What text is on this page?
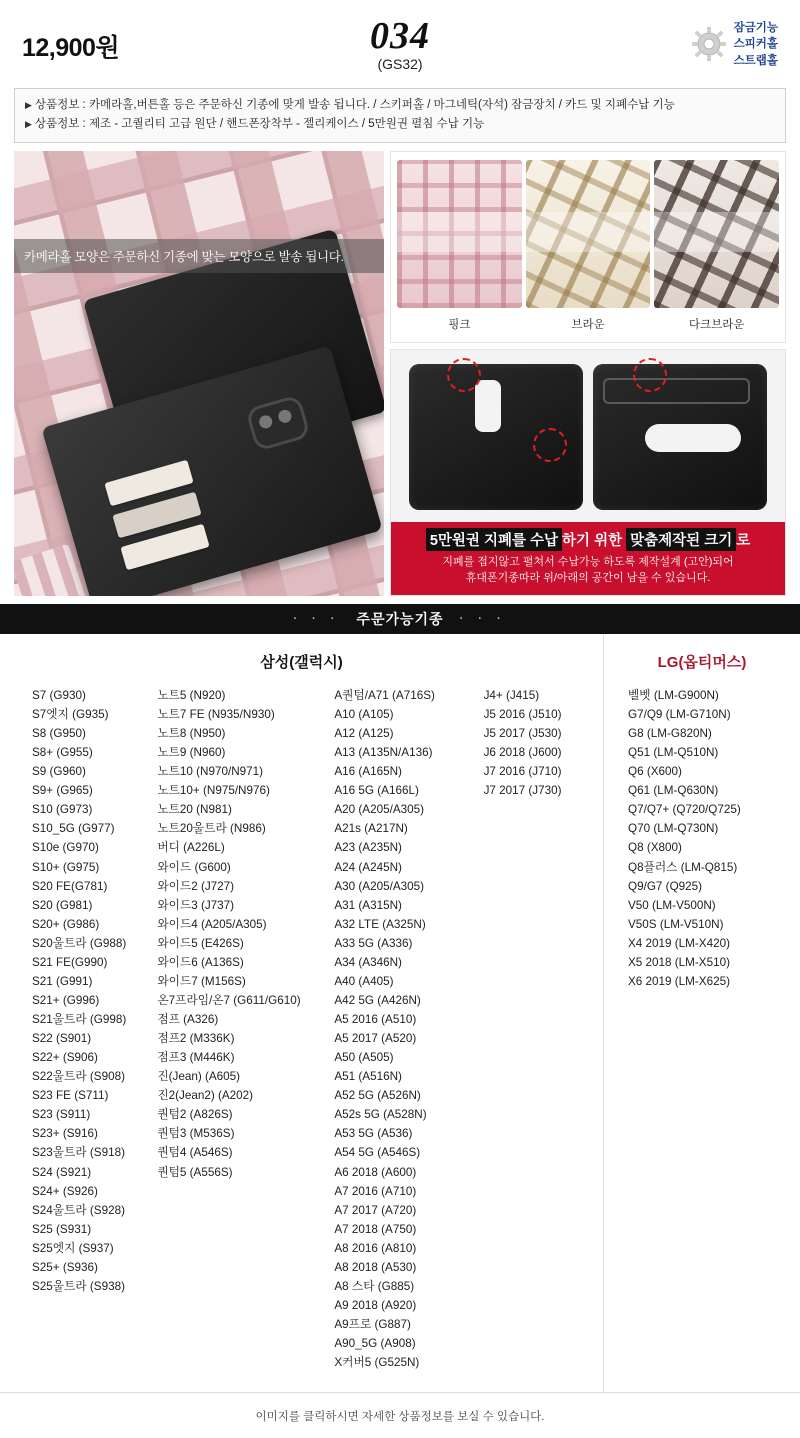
12,900원	034
(GS32)
잠금기능
스피커홀
스트랩홀
▶ 상품정보 : 카메라홀,버튼홀 등은 주문하신 기종에 맞게 발송 됩니다. / 스키퍼홀 / 마그네틱(자석) 잠금장치 / 카드 및 지폐수납 기능
▶ 상품정보 : 제조 - 고퀄리티 고급 원단 / 핸드폰장착부 - 젤리케이스 / 5만원권 펼침 수납 기능
카메라홀 모양은 주문하신 기종에 맞는 모양으로 발송 됩니다.
핑크	브라운	다크브라운
5만원권 지폐를 수납 하기 위한 맞춤제작된 크기 로
지폐를 접지않고 펼쳐서 수납가능 하도록 제작설계 (고안)되어
휴대폰기종따라 위/아래의 공간이 남을 수 있습니다.
· · · 주문가능기종 · · ·
삼성(갤럭시)
S7 (G930)
S7엣지 (G935)
S8 (G950)
S8+ (G955)
S9 (G960)
S9+ (G965)
S10 (G973)
S10_5G (G977)
S10e (G970)
S10+ (G975)
S20 FE(G781)
S20 (G981)
S20+ (G986)
S20울트라 (G988)
S21 FE(G990)
S21 (G991)
S21+ (G996)
S21울트라 (G998)
S22 (S901)
S22+ (S906)
S22울트라 (S908)
S23 FE (S711)
S23 (S911)
S23+ (S916)
S23울트라 (S918)
S24 (S921)
S24+ (S926)
S24울트라 (S928)
S25 (S931)
S25엣지 (S937)
S25+ (S936)
S25울트라 (S938)
노트5 (N920)
노트7 FE (N935/N930)
노트8 (N950)
노트9 (N960)
노트10 (N970/N971)
노트10+ (N975/N976)
노트20 (N981)
노트20울트라 (N986)
버디 (A226L)
와이드 (G600)
와이드2 (J727)
와이드3 (J737)
와이드4 (A205/A305)
와이드5 (E426S)
와이드6 (A136S)
와이드7 (M156S)
온7프라임/온7 (G611/G610)
점프 (A326)
점프2 (M336K)
점프3 (M446K)
진(Jean) (A605)
진2(Jean2) (A202)
퀀텀2 (A826S)
퀀텀3 (M536S)
퀀텀4 (A546S)
퀀텀5 (A556S)
A퀀텀/A71 (A716S)
A10 (A105)
A12 (A125)
A13 (A135N/A136)
A16 (A165N)
A16 5G (A166L)
A20 (A205/A305)
A21s (A217N)
A23 (A235N)
A24 (A245N)
A30 (A205/A305)
A31 (A315N)
A32 LTE (A325N)
A33 5G (A336)
A34 (A346N)
A40 (A405)
A42 5G (A426N)
A5 2016 (A510)
A5 2017 (A520)
A50 (A505)
A51 (A516N)
A52 5G (A526N)
A52s 5G (A528N)
A53 5G (A536)
A54 5G (A546S)
A6 2018 (A600)
A7 2016 (A710)
A7 2017 (A720)
A7 2018 (A750)
A8 2016 (A810)
A8 2018 (A530)
A8 스타 (G885)
A9 2018 (A920)
A9프로 (G887)
A90_5G (A908)
X커버5 (G525N)
J4+ (J415)
J5 2016 (J510)
J5 2017 (J530)
J6 2018 (J600)
J7 2016 (J710)
J7 2017 (J730)
LG(옵티머스)
벨벳 (LM-G900N)
G7/Q9 (LM-G710N)
G8 (LM-G820N)
Q51 (LM-Q510N)
Q6 (X600)
Q61 (LM-Q630N)
Q7/Q7+ (Q720/Q725)
Q70 (LM-Q730N)
Q8 (X800)
Q8플러스 (LM-Q815)
Q9/G7 (Q925)
V50 (LM-V500N)
V50S (LM-V510N)
X4 2019 (LM-X420)
X5 2018 (LM-X510)
X6 2019 (LM-X625)
이미지를 클릭하시면 자세한 상품정보를 보실 수 있습니다.
